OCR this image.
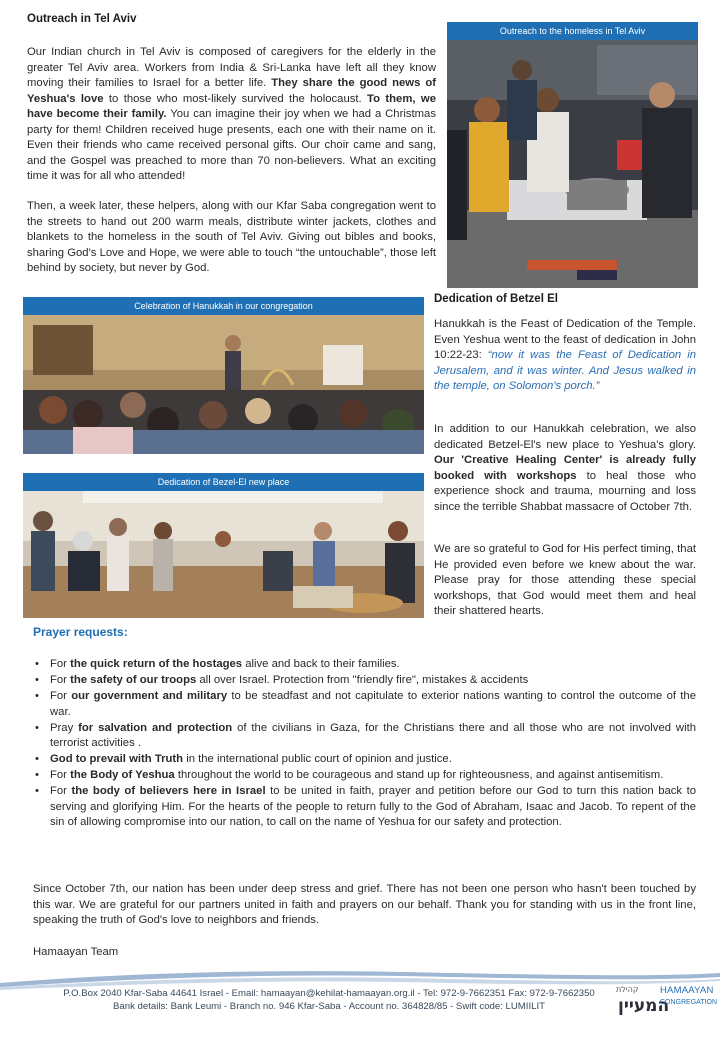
Outreach in Tel Aviv

Our Indian church in Tel Aviv is composed of caregivers for the elderly in the greater Tel Aviv area. Workers from India & Sri-Lanka have left all they know moving their families to Israel for a better life. They share the good news of Yeshua's love to those who most-likely survived the holocaust. To them, we have become their family. You can imagine their joy when we had a Christmas party for them! Children received huge presents, each one with their name on it. Even their friends who came received personal gifts. Our choir came and sang, and the Gospel was preached to more than 70 non-believers. What an exciting time it was for all who attended!

Then, a week later, these helpers, along with our Kfar Saba congregation went to the streets to hand out 200 warm meals, distribute winter jackets, clothes and blankets to the homeless in the south of Tel Aviv. Giving out bibles and books, sharing God's Love and Hope, we were able to touch “the untouchable”, those left behind by society, but never by God.

Outreach to the homeless in Tel Aviv
Celebration of Hanukkah in our congregation
Dedication of Bezel-El new place
Dedication of Betzel El

Hanukkah is the Feast of Dedication of the Temple. Even Yeshua went to the feast of dedication in John 10:22-23: “now it was the Feast of Dedication in Jerusalem, and it was winter. And Jesus walked in the temple, on Solomon's porch.”

In addition to our Hanukkah celebration, we also dedicated Betzel-El's new place to Yeshua's glory. Our 'Creative Healing Center' is already fully booked with workshops to heal those who experience shock and trauma, mourning and loss since the terrible Shabbat massacre of October 7th.

We are so grateful to God for His perfect timing, that He provided even before we knew about the war. Please pray for those attending these special workshops, that God would meet them and heal their shattered hearts.

Prayer requests:
• For the quick return of the hostages alive and back to their families.
• For the safety of our troops all over Israel. Protection from "friendly fire", mistakes & accidents
• For our government and military to be steadfast and not capitulate to exterior nations wanting to control the outcome of the war.
• Pray for salvation and protection of the civilians in Gaza, for the Christians there and all those who are not involved with terrorist activities .
• God to prevail with Truth in the international public court of opinion and justice.
• For the Body of Yeshua throughout the world to be courageous and stand up for righteousness, and against antisemitism.
• For the body of believers here in Israel to be united in faith, prayer and petition before our God to turn this nation back to serving and glorifying Him. For the hearts of the people to return fully to the God of Abraham, Isaac and Jacob. To repent of the sin of allowing compromise into our nation, to call on the name of Yeshua for our safety and protection.

Since October 7th, our nation has been under deep stress and grief. There has not been one person who hasn't been touched by this war. We are grateful for our partners united in faith and prayers on our behalf. Thank you for standing with us in the front line, speaking the truth of God's love to neighbors and friends.

Hamaayan Team
P.O.Box 2040 Kfar-Saba 44641 Israel - Email: hamaayan@kehilat-hamaayan.org.il - Tel: 972-9-7662351 Fax: 972-9-7662350
Bank details: Bank Leumi - Branch no. 946 Kfar-Saba - Account no. 364828/85 - Swift code: LUMIILIT
קהילת
המעיין
HAMAAYAN
CONGREGATION
